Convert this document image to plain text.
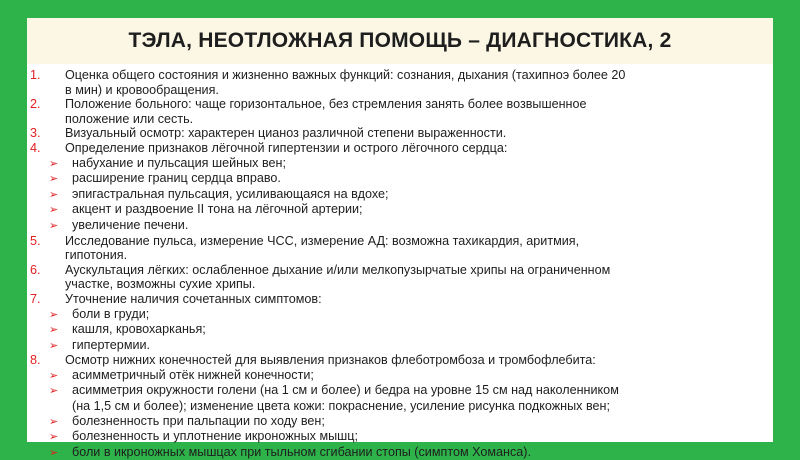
ТЭЛА, НЕОТЛОЖНАЯ ПОМОЩЬ – ДИАГНОСТИКА, 2
1.	Оценка общего состояния и жизненно важных функций: сознания, дыхания (тахипноэ более 20
в мин) и кровообращения.
2.	Положение больного: чаще горизонтальное, без стремления занять более возвышенное
положение или сесть.
3.	Визуальный осмотр: характерен цианоз различной степени выраженности.
4.	Определение признаков лёгочной гипертензии и острого лёгочного сердца:
➢	набухание и пульсация шейных вен;
➢	расширение границ сердца вправо.
➢	эпигастральная пульсация, усиливающаяся на вдохе;
➢	акцент и раздвоение II тона на лёгочной артерии;
➢	увеличение печени.
5.	Исследование пульса, измерение ЧСС, измерение АД: возможна тахикардия, аритмия,
гипотония.
6.	Аускультация лёгких: ослабленное дыхание и/или мелкопузырчатые хрипы на ограниченном
участке, возможны сухие хрипы.
7.	Уточнение наличия сочетанных симптомов:
➢	боли в груди;
➢	кашля, кровохарканья;
➢	гипертермии.
8.	Осмотр нижних конечностей для выявления признаков флеботромбоза и тромбофлебита:
➢	асимметричный отёк нижней конечности;
➢	асимметрия окружности голени (на 1 см и более) и бедра на уровне 15 см над наколенником
(на 1,5 см и более); изменение цвета кожи: покраснение, усиление рисунка подкожных вен;
➢	болезненность при пальпации по ходу вен;
➢	болезненность и уплотнение икроножных мышц;
➢	боли в икроножных мышцах при тыльном сгибании стопы (симптом Хоманса).
